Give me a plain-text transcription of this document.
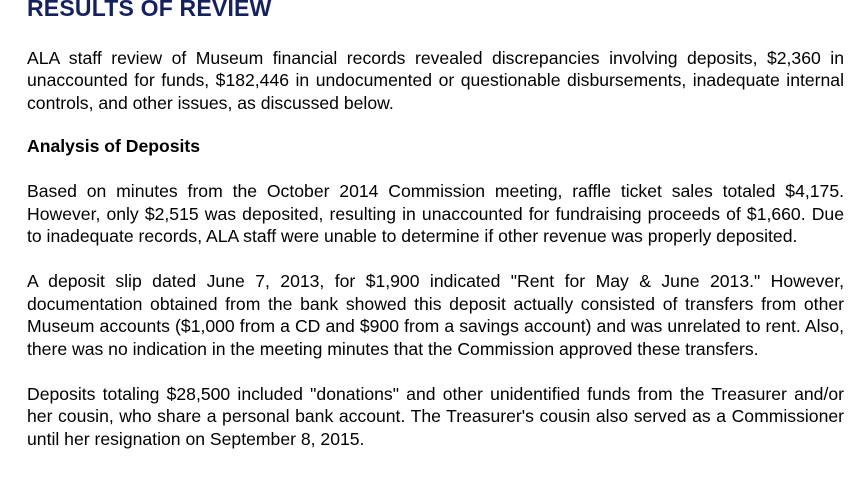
RESULTS OF REVIEW

ALA staff review of Museum financial records revealed discrepancies involving deposits, $2,360 in unaccounted for funds, $182,446 in undocumented or questionable disbursements, inadequate internal controls, and other issues, as discussed below.

Analysis of Deposits

Based on minutes from the October 2014 Commission meeting, raffle ticket sales totaled $4,175. However, only $2,515 was deposited, resulting in unaccounted for fundraising proceeds of $1,660. Due to inadequate records, ALA staff were unable to determine if other revenue was properly deposited.

A deposit slip dated June 7, 2013, for $1,900 indicated "Rent for May & June 2013." However, documentation obtained from the bank showed this deposit actually consisted of transfers from other Museum accounts ($1,000 from a CD and $900 from a savings account) and was unrelated to rent. Also, there was no indication in the meeting minutes that the Commission approved these transfers.

Deposits totaling $28,500 included "donations" and other unidentified funds from the Treasurer and/or her cousin, who share a personal bank account. The Treasurer's cousin also served as a Commissioner until her resignation on September 8, 2015.
